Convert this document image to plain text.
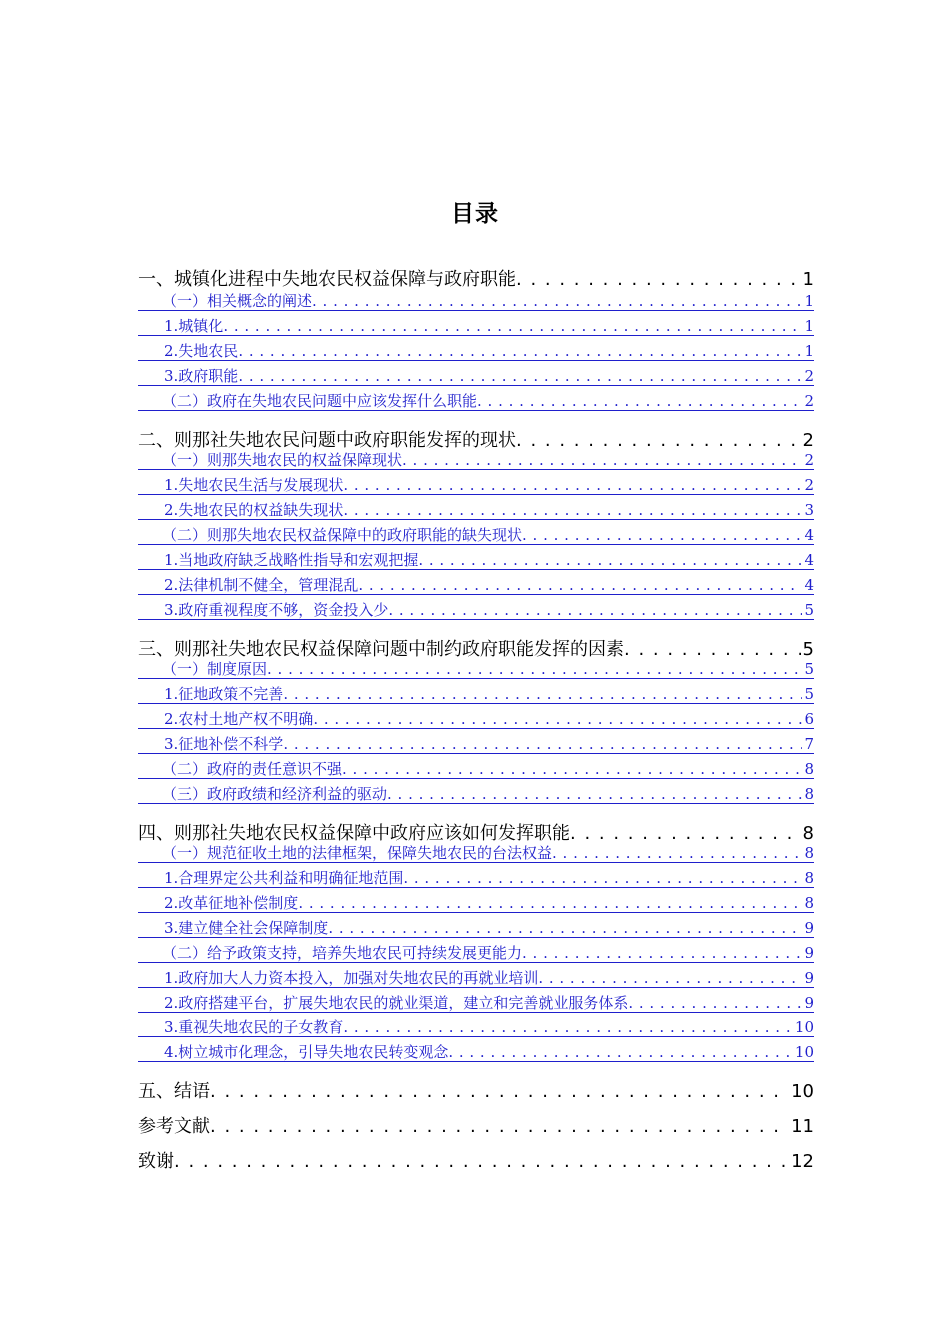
目录
一、城镇化进程中失地农民权益保障与政府职能 . . .	1
（一）相关概念的阐述 . . .	1
1.城镇化 . . .	1
2.失地农民 . . .	1
3.政府职能 . . .	2
（二）政府在失地农民问题中应该发挥什么职能 . . .	2
二、则那社失地农民问题中政府职能发挥的现状 . . .	2
（一）则那失地农民的权益保障现状 . . .	2
1.失地农民生活与发展现状 . . .	2
2.失地农民的权益缺失现状 . . .	3
（二）则那失地农民权益保障中的政府职能的缺失现状 . . .	4
1.当地政府缺乏战略性指导和宏观把握 . . .	4
2.法律机制不健全，管理混乱 . . .	4
3.政府重视程度不够，资金投入少 . . .	5
三、则那社失地农民权益保障问题中制约政府职能发挥的因素 . . .	5
（一）制度原因 . . .	5
1.征地政策不完善 . . .	5
2.农村土地产权不明确 . . .	6
3.征地补偿不科学 . . .	7
（二）政府的责任意识不强 . . .	8
（三）政府政绩和经济利益的驱动 . . .	8
四、则那社失地农民权益保障中政府应该如何发挥职能 . . .	8
（一）规范征收土地的法律框架，保障失地农民的台法权益 . . .	8
1.合理界定公共利益和明确征地范围 . . .	8
2.改革征地补偿制度 . . .	8
3.建立健全社会保障制度 . . .	9
（二）给予政策支持，培养失地农民可持续发展更能力 . . .	9
1.政府加大人力资本投入，加强对失地农民的再就业培训 . . .	9
2.政府搭建平台，扩展失地农民的就业渠道，建立和完善就业服务体系 . . .	9
3.重视失地农民的子女教育 . . .	10
4.树立城市化理念，引导失地农民转变观念 . . .	10
五、结语 . . .	10
参考文献 . . .	11
致谢 . . .	12
